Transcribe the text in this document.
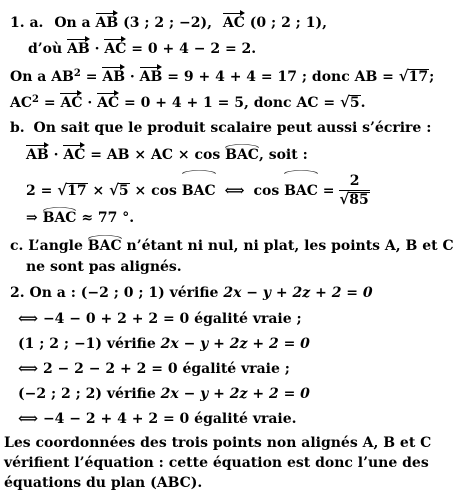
1. a. On a AB (3 ; 2 ; −2), AC (0 ; 2 ; 1),
d’où AB · AC = 0 + 4 − 2 = 2.
On a $AB^2$ = AB · AB = 9 + 4 + 4 = 17 ; donc AB = √17;
$AC^2$ = AC · AC = 0 + 4 + 1 = 5, donc AC = √5.
b. On sait que le produit scalaire peut aussi s’écrire :
AB · AC = AB × AC × cos BAC, soit :
2 = √17 × √5 × cos BAC ⟺ cos BAC = $\frac{2}{√85}$
⇒ BAC ≈ 77 °.
c. L’angle BAC n’étant ni nul, ni plat, les points A, B et C
ne sont pas alignés.
2. On a : (−2 ; 0 ; 1) vérifie 2x − y + 2z + 2 = 0
⟺ −4 − 0 + 2 + 2 = 0 égalité vraie ;
(1 ; 2 ; −1) vérifie 2x − y + 2z + 2 = 0
⟺ 2 − 2 − 2 + 2 = 0 égalité vraie ;
(−2 ; 2 ; 2) vérifie 2x − y + 2z + 2 = 0
⟺ −4 − 2 + 4 + 2 = 0 égalité vraie.
Les coordonnées des trois points non alignés A, B et C
vérifient l’équation : cette équation est donc l’une des
équations du plan (ABC).
